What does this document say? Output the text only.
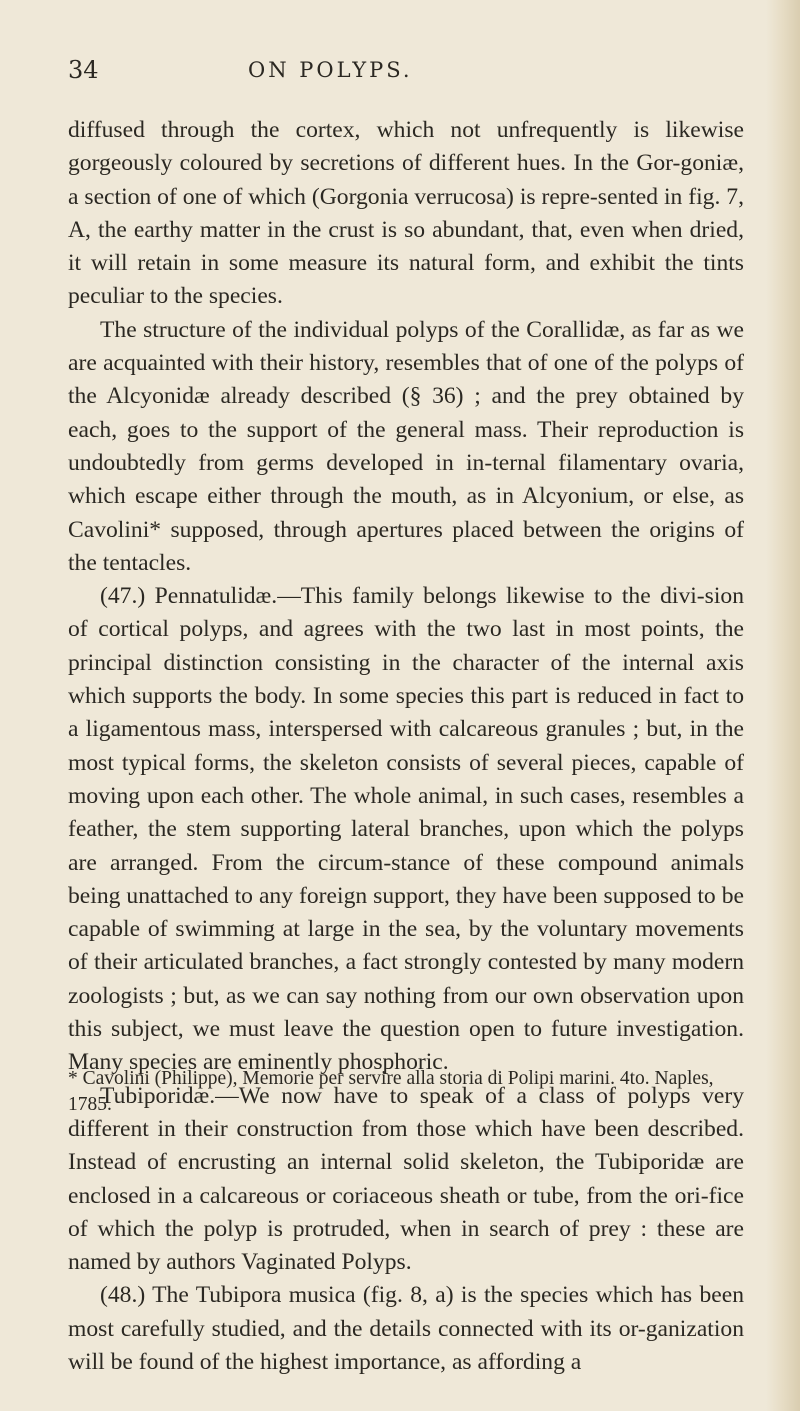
34	ON POLYPS.

diffused through the cortex, which not unfrequently is likewise gorgeously coloured by secretions of different hues. In the Gor-goniæ, a section of one of which (Gorgonia verrucosa) is repre-sented in fig. 7, A, the earthy matter in the crust is so abundant, that, even when dried, it will retain in some measure its natural form, and exhibit the tints peculiar to the species.

The structure of the individual polyps of the Corallidæ, as far as we are acquainted with their history, resembles that of one of the polyps of the Alcyonidæ already described (§ 36) ; and the prey obtained by each, goes to the support of the general mass. Their reproduction is undoubtedly from germs developed in in-ternal filamentary ovaria, which escape either through the mouth, as in Alcyonium, or else, as Cavolini* supposed, through apertures placed between the origins of the tentacles.

(47.) Pennatulidæ.—This family belongs likewise to the divi-sion of cortical polyps, and agrees with the two last in most points, the principal distinction consisting in the character of the internal axis which supports the body. In some species this part is reduced in fact to a ligamentous mass, interspersed with calcareous granules ; but, in the most typical forms, the skeleton consists of several pieces, capable of moving upon each other. The whole animal, in such cases, resembles a feather, the stem supporting lateral branches, upon which the polyps are arranged. From the circum-stance of these compound animals being unattached to any foreign support, they have been supposed to be capable of swimming at large in the sea, by the voluntary movements of their articulated branches, a fact strongly contested by many modern zoologists ; but, as we can say nothing from our own observation upon this subject, we must leave the question open to future investigation. Many species are eminently phosphoric.

Tubiporidæ.—We now have to speak of a class of polyps very different in their construction from those which have been described. Instead of encrusting an internal solid skeleton, the Tubiporidæ are enclosed in a calcareous or coriaceous sheath or tube, from the ori-fice of which the polyp is protruded, when in search of prey : these are named by authors Vaginated Polyps.

(48.) The Tubipora musica (fig. 8, a) is the species which has been most carefully studied, and the details connected with its or-ganization will be found of the highest importance, as affording a

* Cavolini (Philippe), Memorie per servire alla storia di Polipi marini. 4to. Naples, 1785.
